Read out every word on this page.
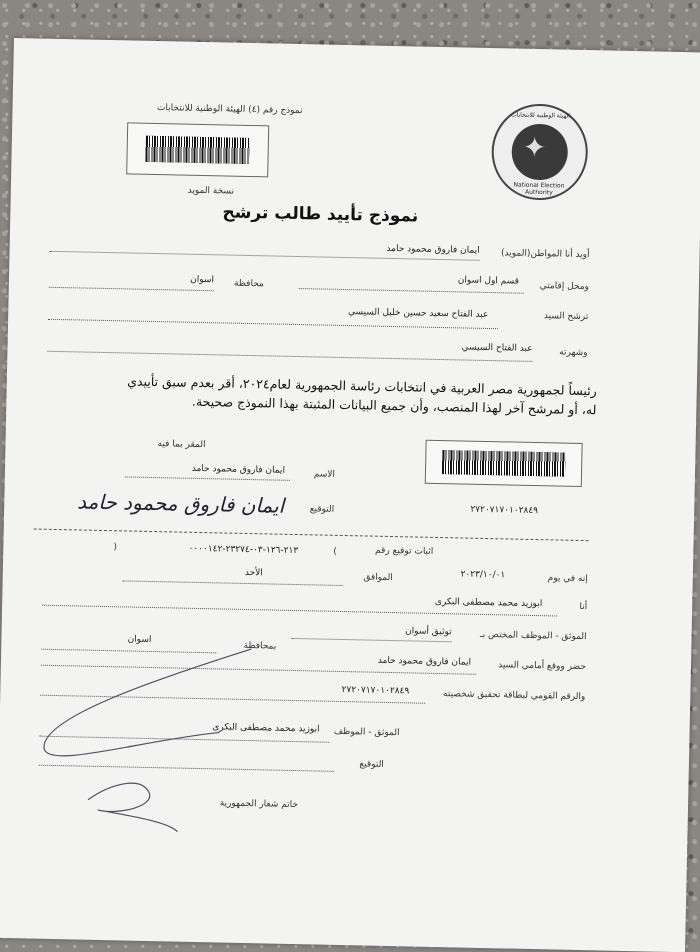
نموذج رقم (٤) الهيئة الوطنية للانتخابات
نسخة المويد
✦
الهيئة الوطنية للانتخابات
National Election Authority
نموذج تأييد طالب ترشح
أويد أنا المواطن(المويد)
ايمان فاروق محمود حامد
ومحل إقامتي
قسم اول اسوان
محافظة
اسوان
ترشح السيد
عبد الفتاح سعيد حسين خليل السيسي
وشهرته
عبد الفتاح السيسي
رئيساً لجمهورية مصر العربية في انتخابات رئاسة الجمهورية لعام٢٠٢٤، أقر بعدم سبق تأييدي
له، أو لمرشح آخر لهذا المنصب، وأن جميع البيانات المثبتة بهذا النموذج صحيحة.
المقر بما فيه
٢٧٢٠٧١٧٠١٠٢٨٤٩
الاسم
ايمان فاروق محمود حامد
التوقيع
ايمان فاروق محمود حامد
اثبات توقيع رقم
(
٢١٣-١٢٦-٠٣-٢٣٢٧٤-٠٠٠٠١٤٢
)
إنه في يوم
٢٠٢٣/١٠/٠١
الموافق
الأحد
أنا
ابوزيد محمد مصطفى البكرى
الموثق - الموظف المختص بـ
توثيق أسوان
بمحافظة
اسوان
حضر ووقع أمامي السيد
ايمان فاروق محمود حامد
والرقم القومي لبطاقة تحقيق شخصيته
٢٧٢٠٧١٧٠١٠٢٨٤٩
الموثق - الموظف
ابوزيد محمد مصطفى البكرى
التوقيع
خاتم شعار الجمهورية
